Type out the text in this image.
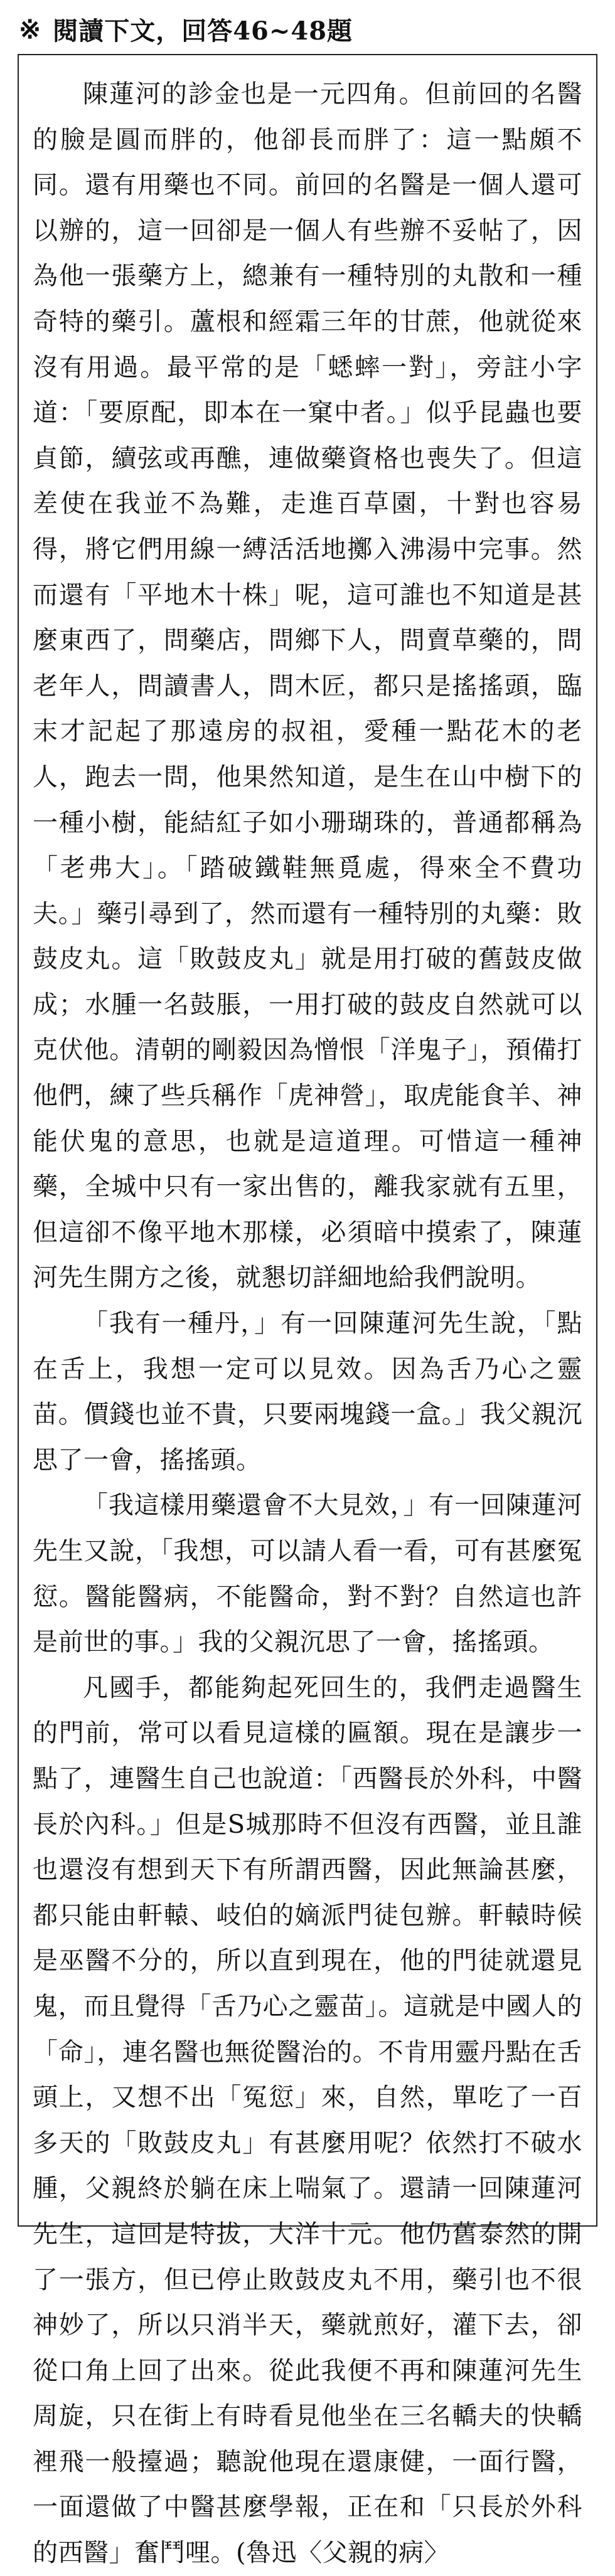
※ 閱讀下文，回答46~48題

陳蓮河的診金也是一元四角。但前回的名醫的臉是圓而胖的，他卻長而胖了：這一點頗不同。還有用藥也不同。前回的名醫是一個人還可以辦的，這一回卻是一個人有些辦不妥帖了，因為他一張藥方上，總兼有一種特別的丸散和一種奇特的藥引。蘆根和經霜三年的甘蔗，他就從來沒有用過。最平常的是「蟋蟀一對」，旁註小字道：「要原配，即本在一窠中者。」似乎昆蟲也要貞節，續弦或再醮，連做藥資格也喪失了。但這差使在我並不為難，走進百草園，十對也容易得，將它們用線一縛活活地擲入沸湯中完事。然而還有「平地木十株」呢，這可誰也不知道是甚麼東西了，問藥店，問鄉下人，問賣草藥的，問老年人，問讀書人，問木匠，都只是搖搖頭，臨末才記起了那遠房的叔祖，愛種一點花木的老人，跑去一問，他果然知道，是生在山中樹下的一種小樹，能結紅子如小珊瑚珠的，普通都稱為「老弗大」。「踏破鐵鞋無覓處，得來全不費功夫。」藥引尋到了，然而還有一種特別的丸藥：敗鼓皮丸。這「敗鼓皮丸」就是用打破的舊鼓皮做成；水腫一名鼓脹，一用打破的鼓皮自然就可以克伏他。清朝的剛毅因為憎恨「洋鬼子」，預備打他們，練了些兵稱作「虎神營」，取虎能食羊、神能伏鬼的意思，也就是這道理。可惜這一種神藥，全城中只有一家出售的，離我家就有五里，但這卻不像平地木那樣，必須暗中摸索了，陳蓮河先生開方之後，就懇切詳細地給我們說明。

「我有一種丹，」有一回陳蓮河先生說，「點在舌上，我想一定可以見效。因為舌乃心之靈苗。價錢也並不貴，只要兩塊錢一盒。」我父親沉思了一會，搖搖頭。

「我這樣用藥還會不大見效，」有一回陳蓮河先生又說，「我想，可以請人看一看，可有甚麼冤愆。醫能醫病，不能醫命，對不對？自然這也許是前世的事。」我的父親沉思了一會，搖搖頭。

凡國手，都能夠起死回生的，我們走過醫生的門前，常可以看見這樣的匾額。現在是讓步一點了，連醫生自己也說道：「西醫長於外科，中醫長於內科。」但是S城那時不但沒有西醫，並且誰也還沒有想到天下有所謂西醫，因此無論甚麼，都只能由軒轅、岐伯的嫡派門徒包辦。軒轅時候是巫醫不分的，所以直到現在，他的門徒就還見鬼，而且覺得「舌乃心之靈苗」。這就是中國人的「命」，連名醫也無從醫治的。不肯用靈丹點在舌頭上，又想不出「冤愆」來，自然，單吃了一百多天的「敗鼓皮丸」有甚麼用呢？依然打不破水腫，父親終於躺在床上喘氣了。還請一回陳蓮河先生，這回是特拔，大洋十元。他仍舊泰然的開了一張方，但已停止敗鼓皮丸不用，藥引也不很神妙了，所以只消半天，藥就煎好，灌下去，卻從口角上回了出來。從此我便不再和陳蓮河先生周旋，只在街上有時看見他坐在三名轎夫的快轎裡飛一般擡過；聽說他現在還康健，一面行醫，一面還做了中醫甚麼學報，正在和「只長於外科的西醫」奮鬥哩。(魯迅〈父親的病〉
